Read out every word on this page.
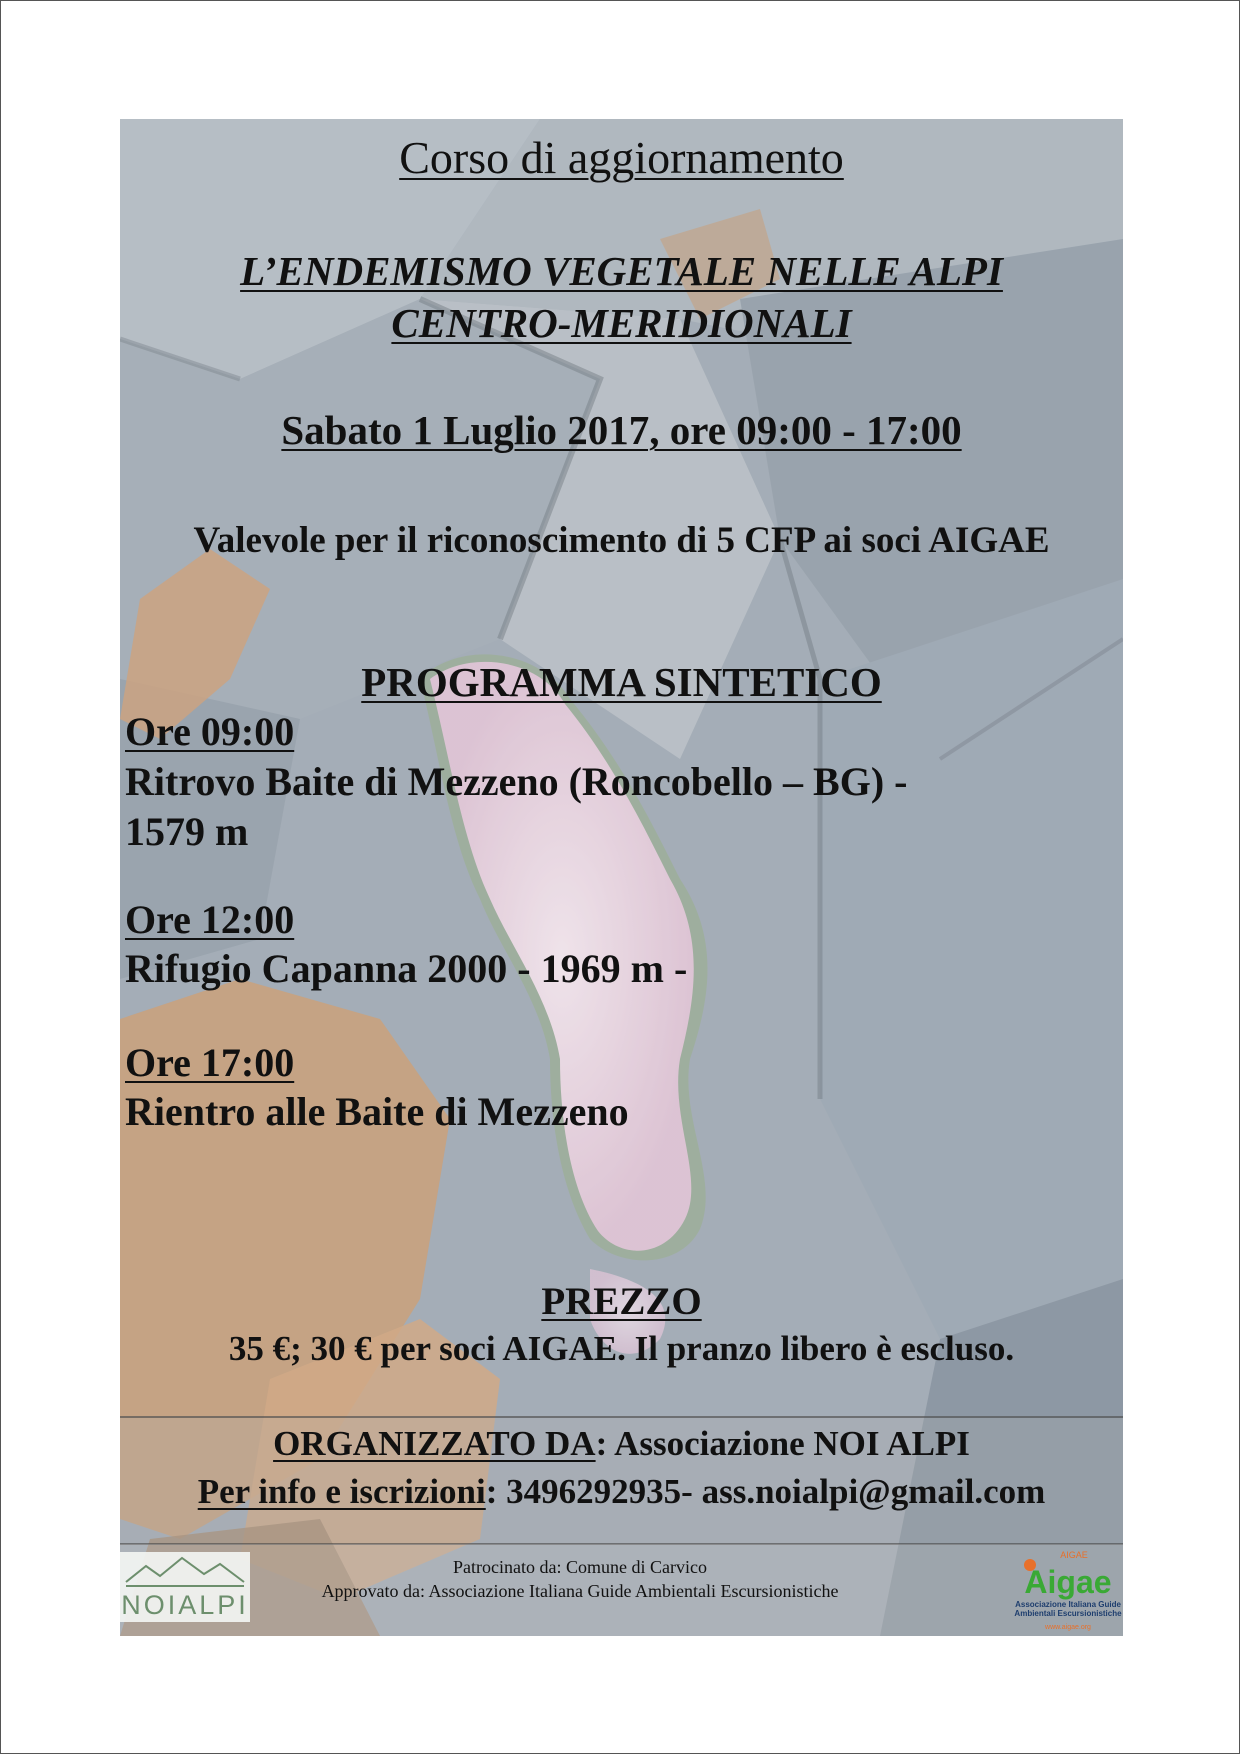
Corso di aggiornamento
L’ENDEMISMO VEGETALE NELLE ALPI
CENTRO-MERIDIONALI
Sabato 1 Luglio 2017, ore 09:00 - 17:00
Valevole per il riconoscimento di 5 CFP ai soci AIGAE
PROGRAMMA SINTETICO
Ore 09:00
Ritrovo Baite di Mezzeno (Roncobello – BG) -
1579 m
Ore 12:00
Rifugio Capanna 2000 - 1969 m -
Ore 17:00
Rientro alle Baite di Mezzeno
PREZZO
35 €; 30 € per soci AIGAE. Il pranzo libero è escluso.
ORGANIZZATO DA: Associazione NOI ALPI
Per info e iscrizioni: 3496292935- ass.noialpi@gmail.com
Patrocinato da: Comune di Carvico
Approvato da: Associazione Italiana Guide Ambientali Escursionistiche
NOIALPI
AIGAE
Aigae
Associazione Italiana Guide
Ambientali Escursionistiche
www.aigae.org
